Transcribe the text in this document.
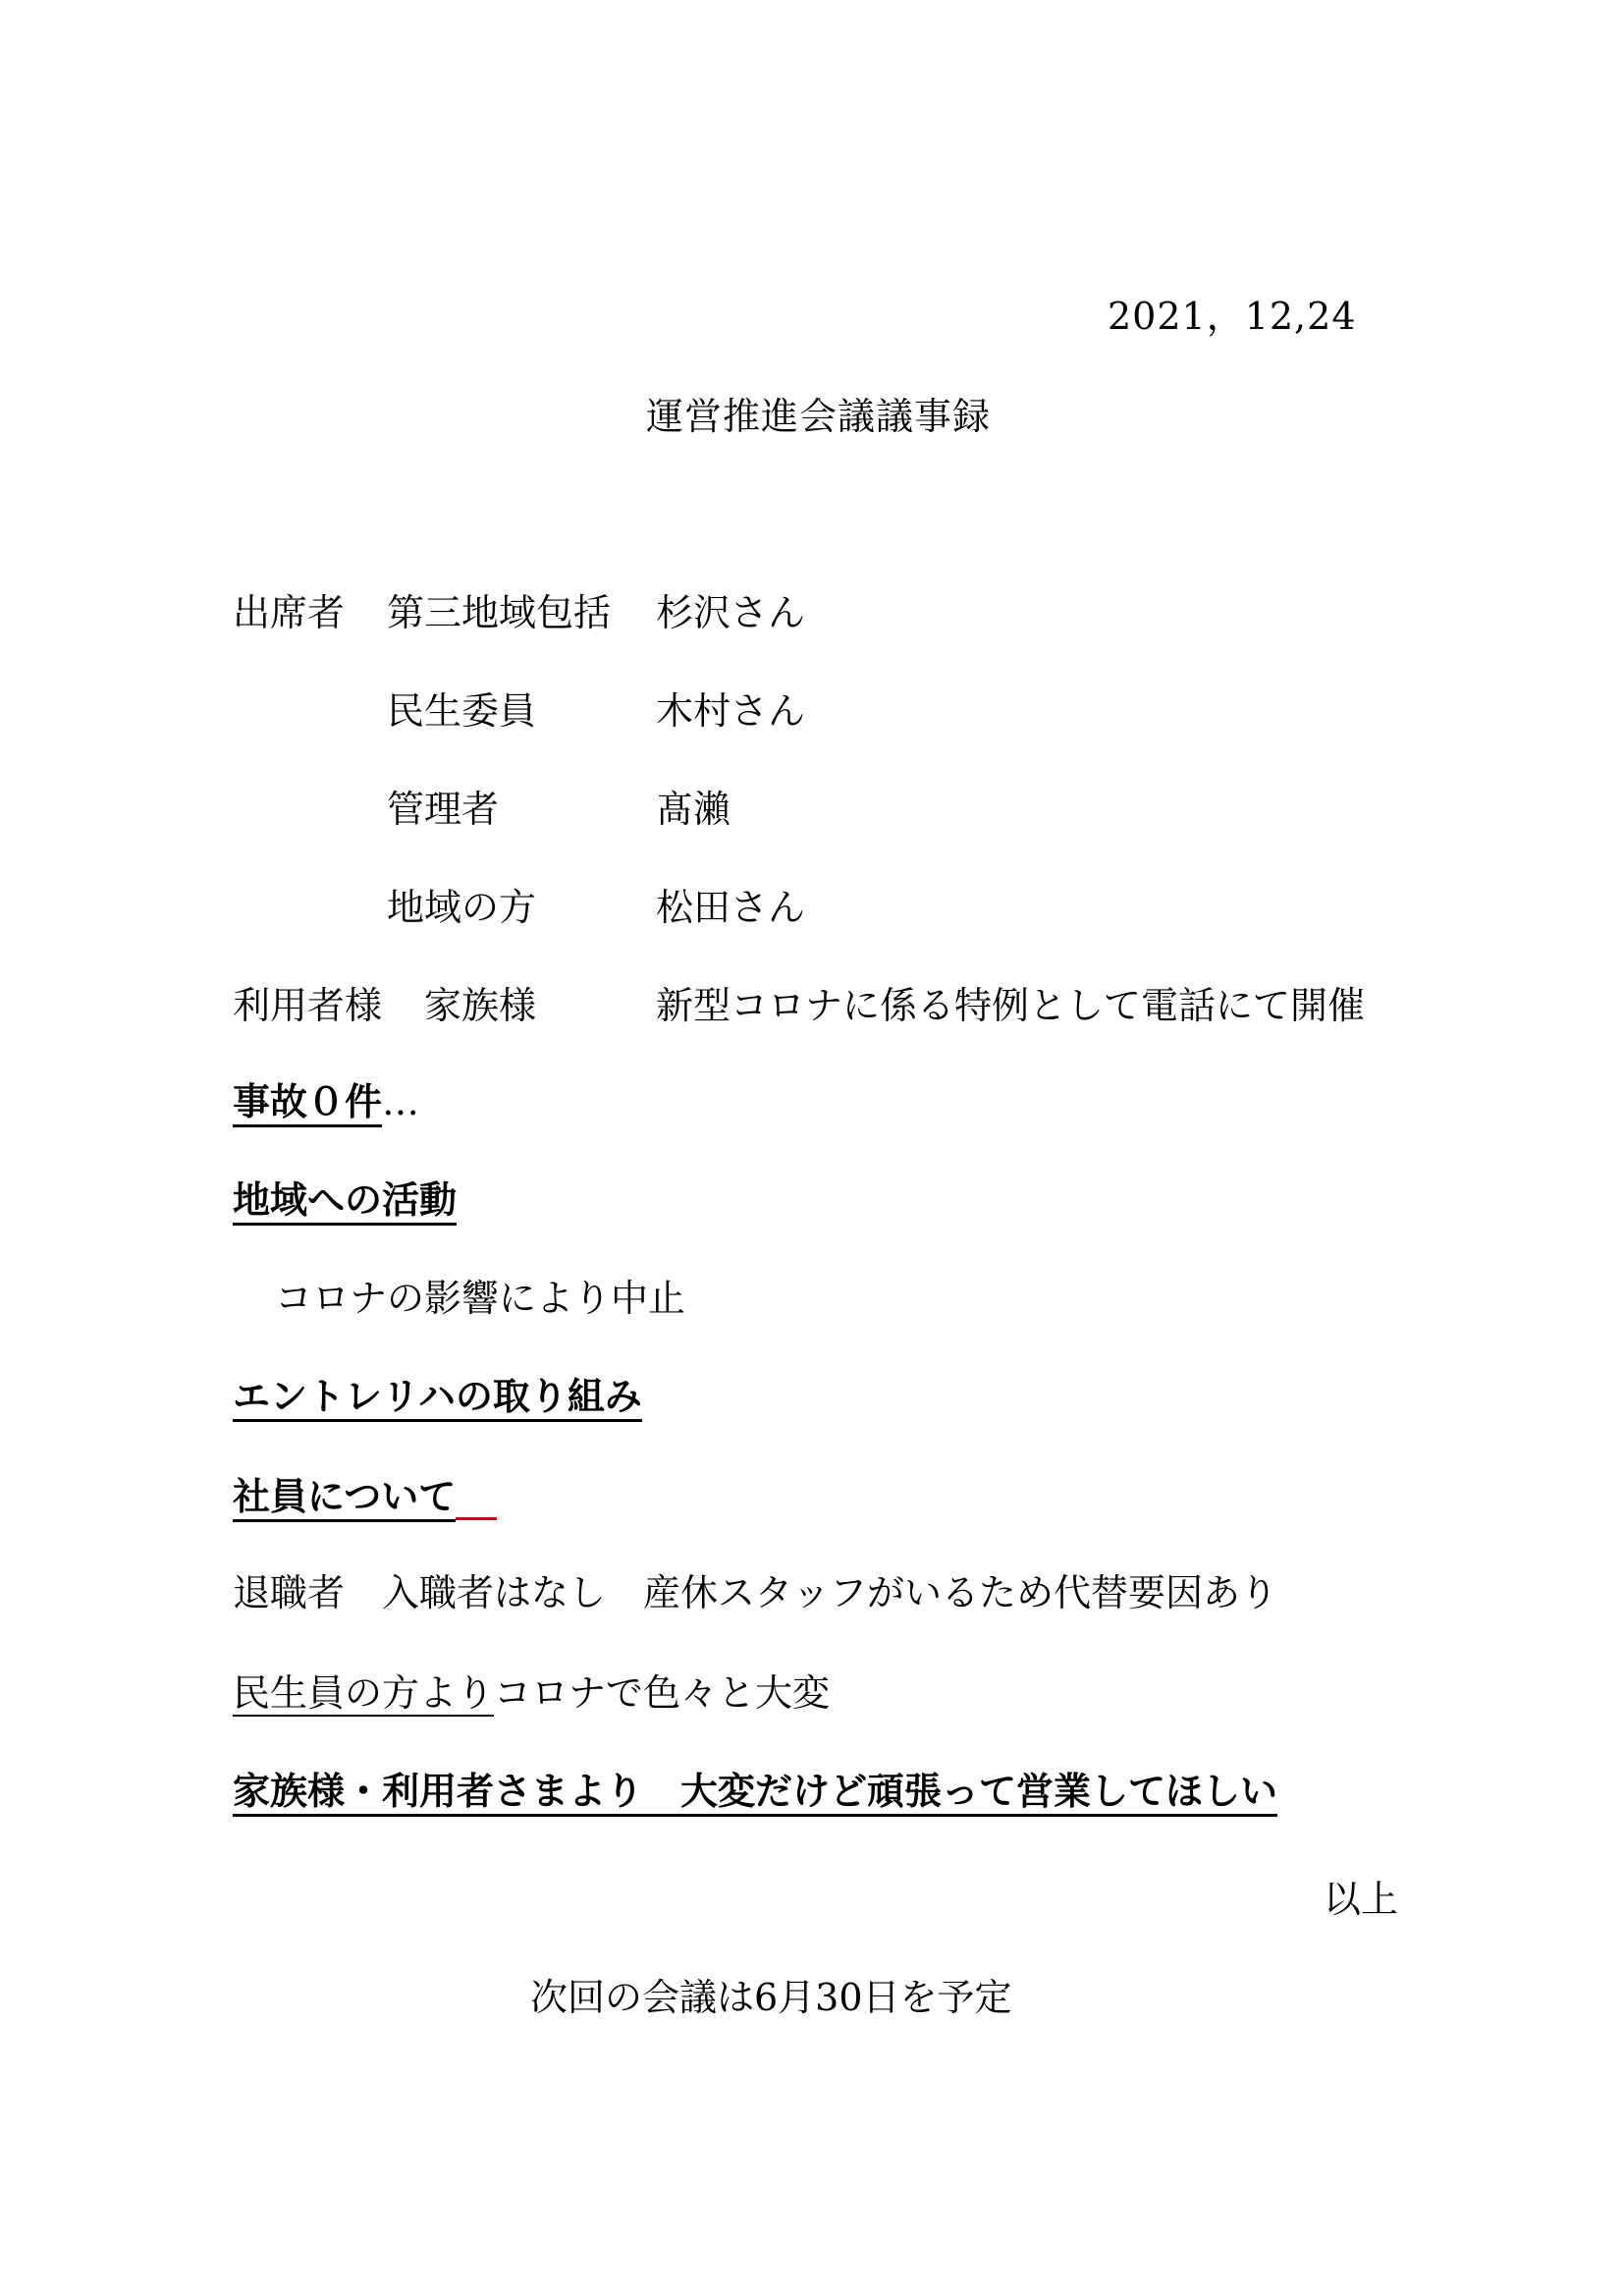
2021，12,24
運営推進会議議事録
出席者 第三地域包括 杉沢さん
民生委員	木村さん
管理者	髙瀨
地域の方	松田さん
利用者様 家族様	新型コロナに係る特例として電話にて開催
事故０件…
地域への活動
コロナの影響により中止
エントレリハの取り組み
社員について
退職者 入職者はなし 産休スタッフがいるため代替要因あり
民生員の方よりコロナで色々と大変
家族様・利用者さまより 大変だけど頑張って営業してほしい
以上
次回の会議は6月30日を予定
